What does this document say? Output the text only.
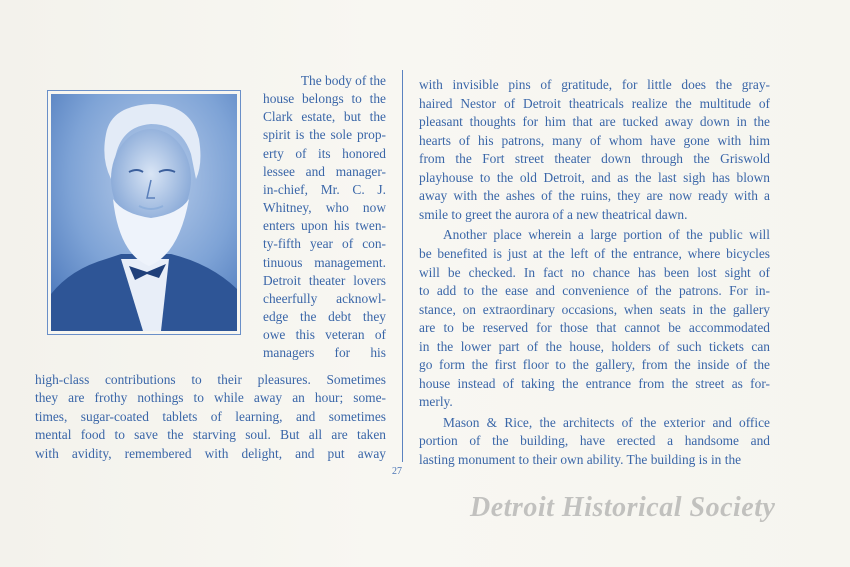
The body of the
house belongs to the
Clark estate, but the
spirit is the sole prop-
erty of its honored
lessee and manager-
in-chief, Mr. C. J.
Whitney, who now
enters upon his twen-
ty-fifth year of con-
tinuous management.
Detroit theater lovers
cheerfully acknowl-
edge the debt they
owe this veteran of
managers for his
high-class contributions to their pleasures. Sometimes
they are frothy nothings to while away an hour; some-
times, sugar-coated tablets of learning, and sometimes
mental food to save the starving soul. But all are taken
with avidity, remembered with delight, and put away
with invisible pins of gratitude, for little does the gray-
haired Nestor of Detroit theatricals realize the multitude of
pleasant thoughts for him that are tucked away down in the
hearts of his patrons, many of whom have gone with him
from the Fort street theater down through the Griswold
playhouse to the old Detroit, and as the last sigh has blown
away with the ashes of the ruins, they are now ready with a
smile to greet the aurora of a new theatrical dawn.
Another place wherein a large portion of the public will
be benefited is just at the left of the entrance, where bicycles
will be checked. In fact no chance has been lost sight of
to add to the ease and convenience of the patrons. For in-
stance, on extraordinary occasions, when seats in the gallery
are to be reserved for those that cannot be accommodated
in the lower part of the house, holders of such tickets can
go form the first floor to the gallery, from the inside of the
house instead of taking the entrance from the street as for-
merly.
Mason & Rice, the architects of the exterior and office
portion of the building, have erected a handsome and
lasting monument to their own ability. The building is in the
27
Detroit Historical Society
